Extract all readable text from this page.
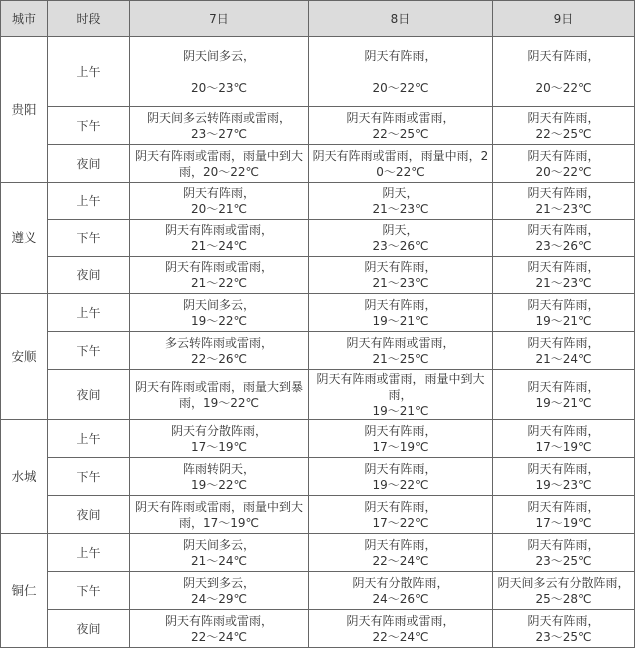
城市	时段	7日	8日	9日
贵阳	上午	阴天间多云，

20～23℃	阴天有阵雨，

20～22℃	阴天有阵雨，

20～22℃
	下午	阴天间多云转阵雨或雷雨，
23～27℃	阴天有阵雨或雷雨，
22～25℃	阴天有阵雨，
22～25℃
	夜间	阴天有阵雨或雷雨，雨量中到大雨，20～22℃	阴天有阵雨或雷雨，雨量中雨，20～22℃	阴天有阵雨，
20～22℃
遵义	上午	阴天有阵雨，
20～21℃	阴天，
21～23℃	阴天有阵雨，
21～23℃
	下午	阴天有阵雨或雷雨，
21～24℃	阴天，
23～26℃	阴天有阵雨，
23～26℃
	夜间	阴天有阵雨或雷雨，
21～22℃	阴天有阵雨，
21～23℃	阴天有阵雨，
21～23℃
安顺	上午	阴天间多云，
19～22℃	阴天有阵雨，
19～21℃	阴天有阵雨，
19～21℃
	下午	多云转阵雨或雷雨，
22～26℃	阴天有阵雨或雷雨，
21～25℃	阴天有阵雨，
21～24℃
	夜间	阴天有阵雨或雷雨，雨量大到暴雨，19～22℃	阴天有阵雨或雷雨，雨量中到大雨，
19～21℃	阴天有阵雨，
19～21℃
水城	上午	阴天有分散阵雨，
17～19℃	阴天有阵雨，
17～19℃	阴天有阵雨，
17～19℃
	下午	阵雨转阴天，
19～22℃	阴天有阵雨，
19～22℃	阴天有阵雨，
19～23℃
	夜间	阴天有阵雨或雷雨，雨量中到大雨，17～19℃	阴天有阵雨，
17～22℃	阴天有阵雨，
17～19℃
铜仁	上午	阴天间多云，
21～24℃	阴天有阵雨，
22～24℃	阴天有阵雨，
23～25℃
	下午	阴天到多云，
24～29℃	阴天有分散阵雨，
24～26℃	阴天间多云有分散阵雨，25～28℃
	夜间	阴天有阵雨或雷雨，
22～24℃	阴天有阵雨或雷雨，
22～24℃	阴天有阵雨，
23～25℃
